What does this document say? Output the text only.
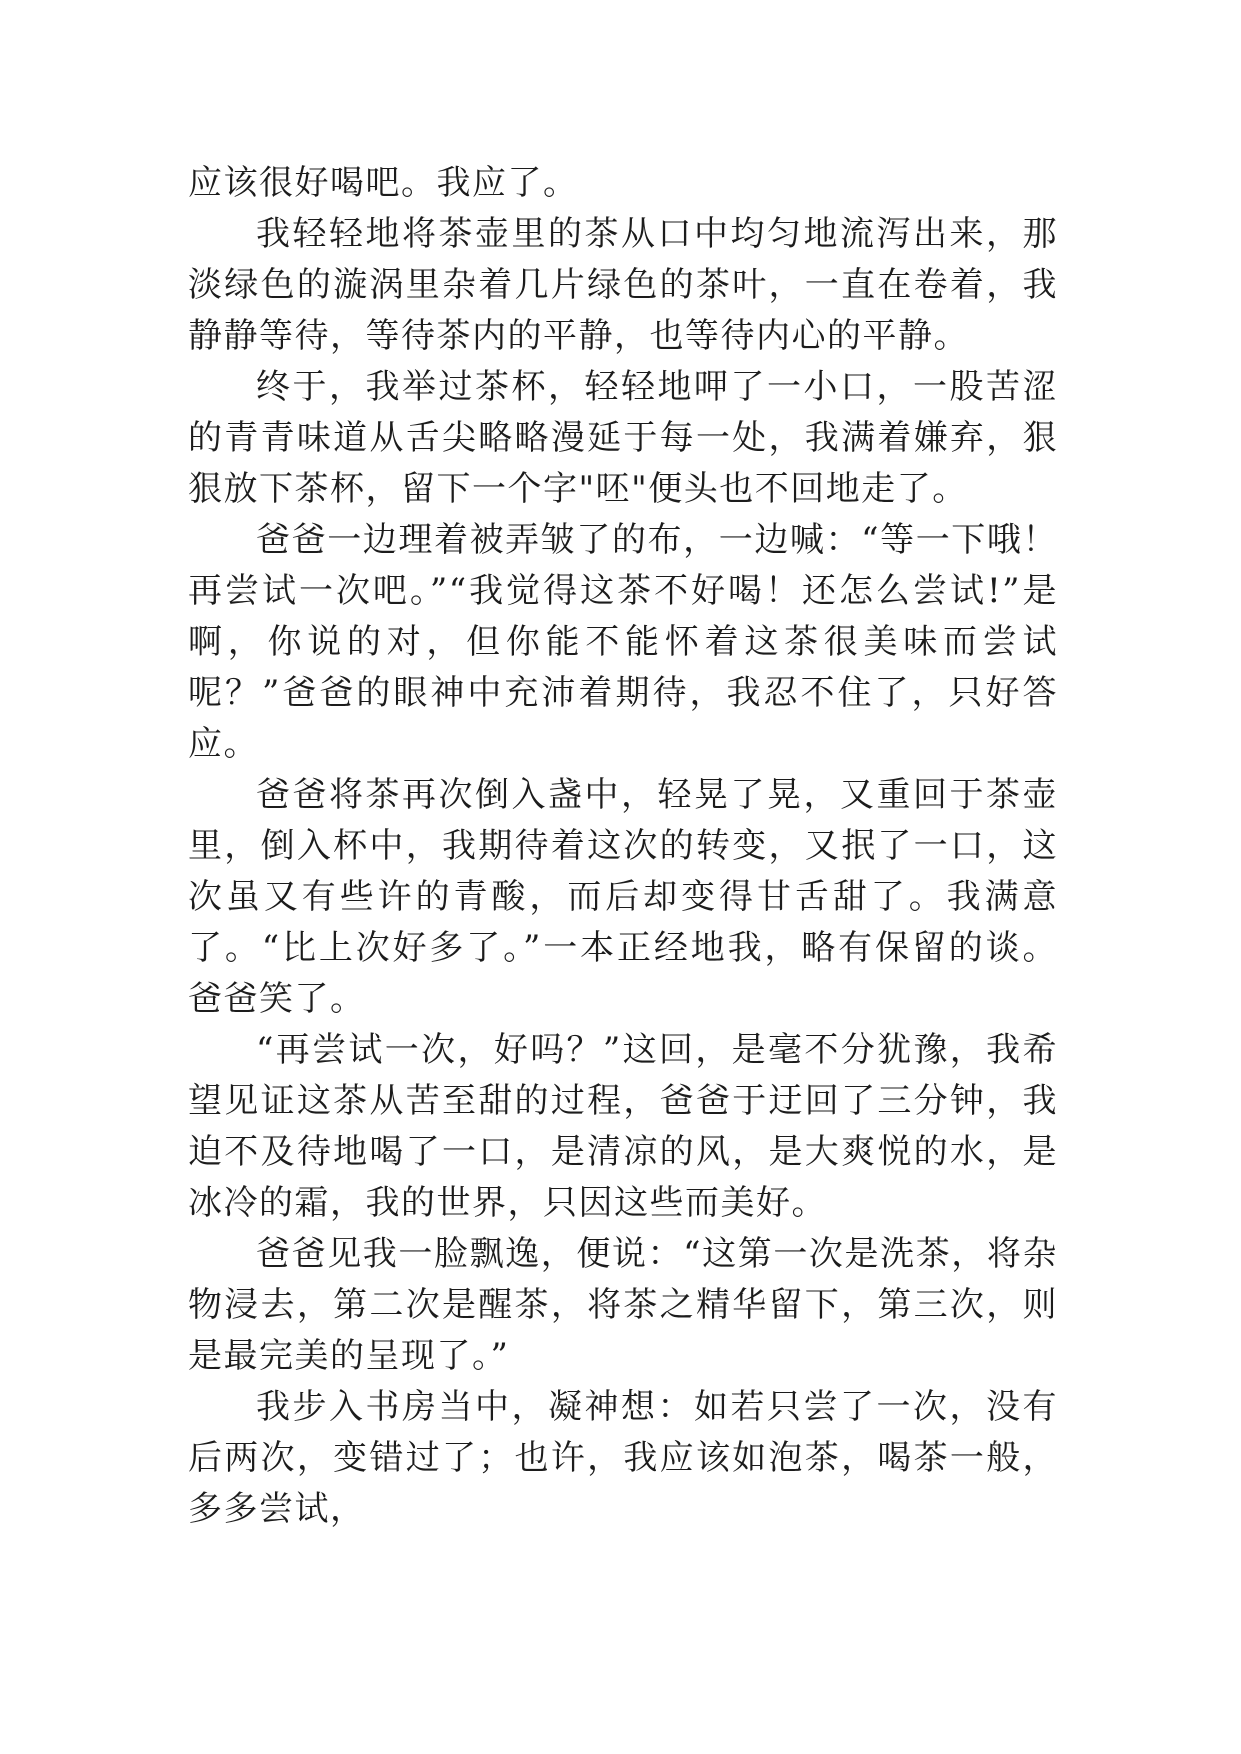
应该很好喝吧。我应了。

我轻轻地将茶壶里的茶从口中均匀地流泻出来，那淡绿色的漩涡里杂着几片绿色的茶叶，一直在卷着，我静静等待，等待茶内的平静，也等待内心的平静。

终于，我举过茶杯，轻轻地呷了一小口，一股苦涩的青青味道从舌尖略略漫延于每一处，我满着嫌弃，狠狠放下茶杯，留下一个字"呸"便头也不回地走了。

爸爸一边理着被弄皱了的布，一边喊：“等一下哦！再尝试一次吧。”“我觉得这茶不好喝！还怎么尝试!”是啊，你说的对，但你能不能怀着这茶很美味而尝试呢？”爸爸的眼神中充沛着期待，我忍不住了，只好答应。

爸爸将茶再次倒入盏中，轻晃了晃，又重回于茶壶里，倒入杯中，我期待着这次的转变，又抿了一口，这次虽又有些许的青酸，而后却变得甘舌甜了。我满意了。“比上次好多了。”一本正经地我，略有保留的谈。爸爸笑了。

“再尝试一次，好吗？”这回，是毫不分犹豫，我希望见证这茶从苦至甜的过程，爸爸于迂回了三分钟，我迫不及待地喝了一口，是清凉的风，是大爽悦的水，是冰冷的霜，我的世界，只因这些而美好。

爸爸见我一脸飘逸，便说：“这第一次是洗茶，将杂物浸去，第二次是醒茶，将茶之精华留下，第三次，则是最完美的呈现了。”

我步入书房当中，凝神想：如若只尝了一次，没有后两次，变错过了；也许，我应该如泡茶，喝茶一般，多多尝试，
